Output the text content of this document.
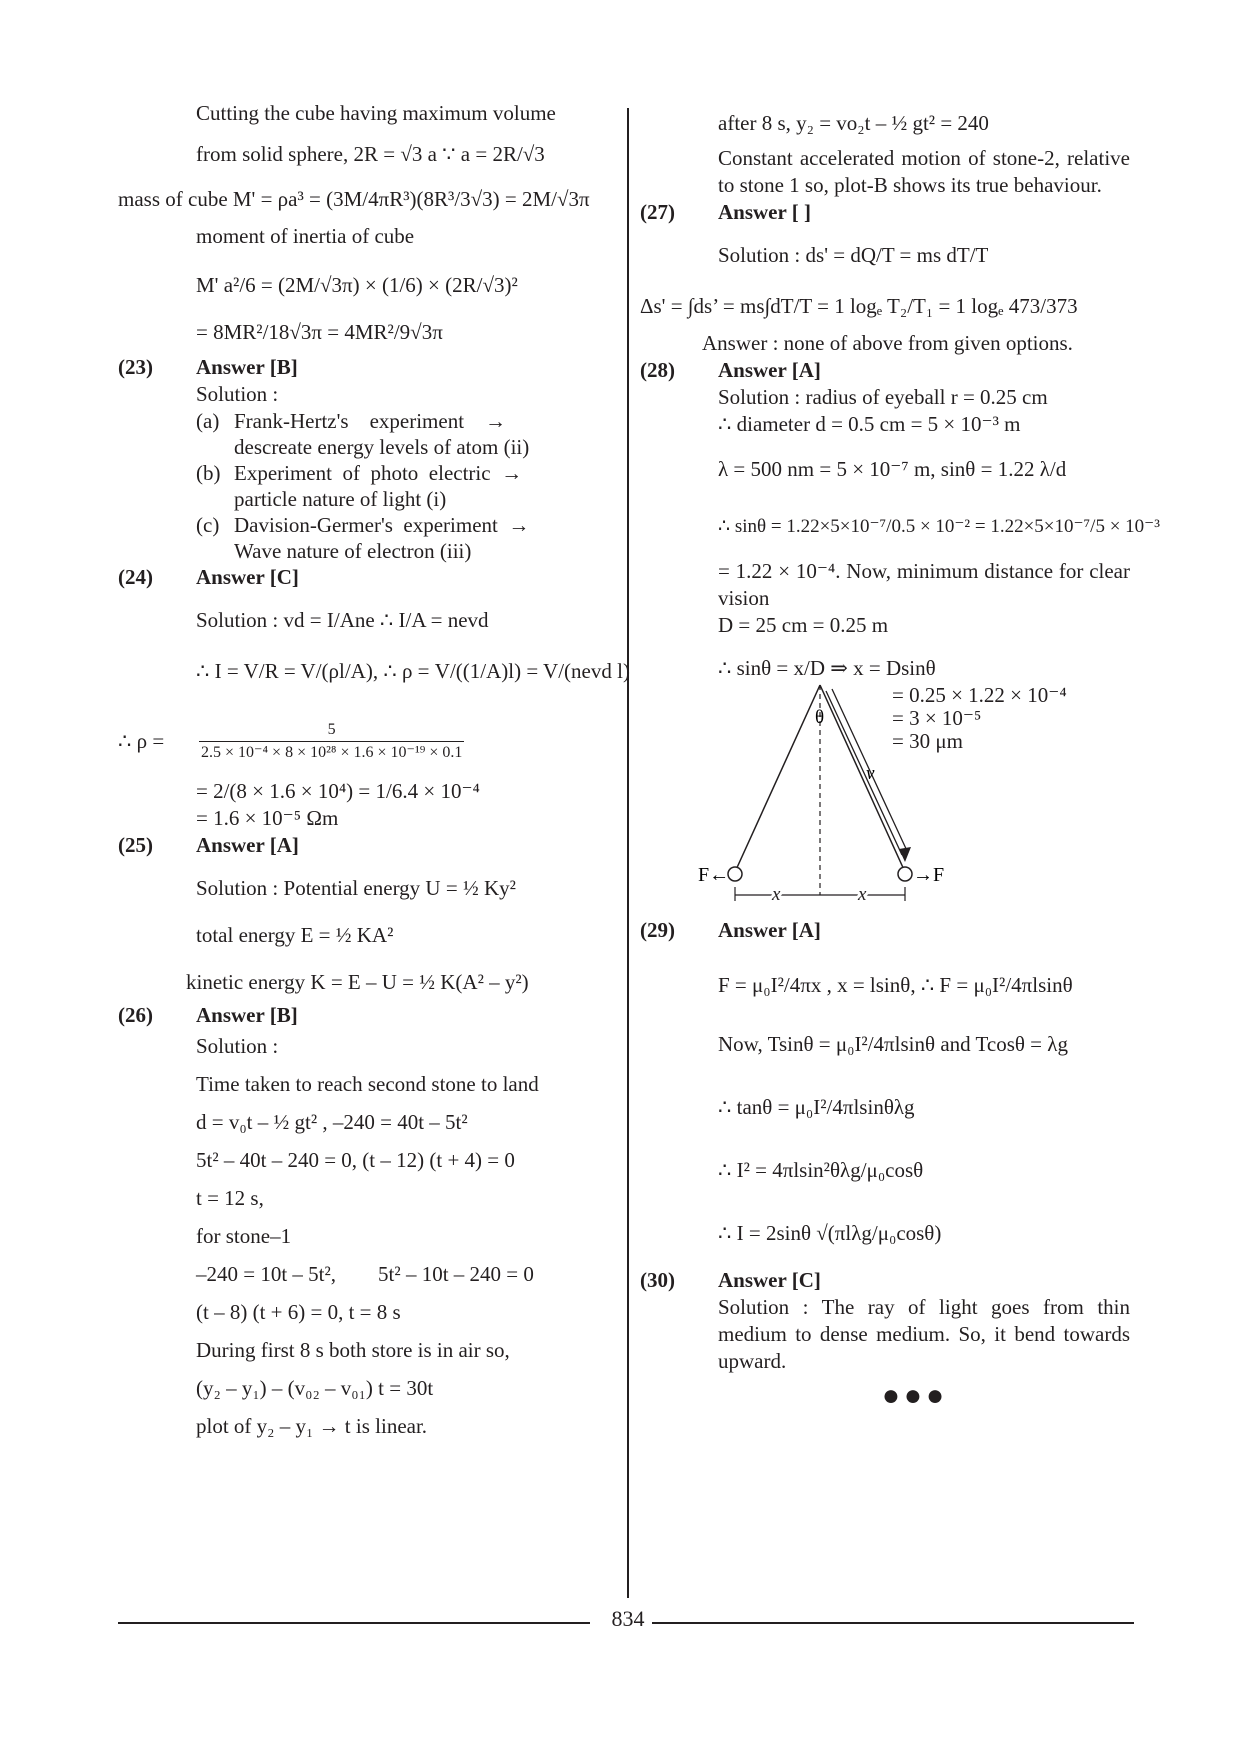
Cutting the cube having maximum volume
from solid sphere, 2R = √3 a ∵ a = 2R/√3
mass of cube M' = ρa³ = (3M/4πR³)(8R³/3√3) = 2M/√3π
moment of inertia of cube
M' a²/6 = (2M/√3π) × (1/6) × (2R/√3)²
= 8MR²/18√3π = 4MR²/9√3π
(23)	Answer [B]
Solution :
(a) Frank-Hertz's    experiment    →
descreate energy levels of atom (ii)
(b) Experiment  of  photo  electric  →
particle nature of light (i)
(c) Davision-Germer's  experiment  →
Wave nature of electron (iii)
(24)	Answer [C]
Solution : vd = I/Ane ∴ I/A = nevd
∴ I = V/R = V/(ρl/A), ∴ ρ = V/((1/A)l) = V/(nevd l)
∴ ρ =	$\frac{5}{\text{2.5 × 10⁻⁴ × 8 × 10²⁸ × 1.6 × 10⁻¹⁹ × 0.1}}$
= 2/(8 × 1.6 × 10⁴) = 1/6.4 × 10⁻⁴
= 1.6 × 10⁻⁵ Ωm
(25)	Answer [A]
Solution : Potential energy U = ½ Ky²
total energy E = ½ KA²
kinetic energy K = E – U = ½ K(A² – y²)
(26)	Answer [B]
Solution :
Time taken to reach second stone to land
d = v₀t – ½ gt² , –240 = 40t – 5t²
5t² – 40t – 240 = 0, (t – 12) (t + 4) = 0
t = 12 s,
for stone–1
–240 = 10t – 5t²,        5t² – 10t – 240 = 0
(t – 8) (t + 6) = 0, t = 8 s
During first 8 s both store is in air so,
(y₂ – y₁) – (v₀₂ – v₀₁) t = 30t
plot of y₂ – y₁ → t is linear.
after 8 s, y₂ = vo₂t – ½ gt² = 240
Constant accelerated motion of stone-2, relative to stone 1 so, plot-B shows its true behaviour.
(27)	Answer [ ]
Solution : ds' = dQ/T = ms dT/T
Δs' = ∫ds’ = ms∫dT/T = 1 logₑ T₂/T₁ = 1 logₑ 473/373
Answer : none of above from given options.
(28)	Answer [A]
Solution : radius of eyeball r = 0.25 cm
∴ diameter d = 0.5 cm = 5 × 10⁻³ m
λ = 500 nm = 5 × 10⁻⁷ m, sinθ = 1.22 λ/d
∴ sinθ = 1.22×5×10⁻⁷/0.5 × 10⁻² = 1.22×5×10⁻⁷/5 × 10⁻³
= 1.22 × 10⁻⁴. Now, minimum distance for clear vision
D = 25 cm = 0.25 m
∴ sinθ = x/D ⇒ x = Dsinθ
= 0.25 × 1.22 × 10⁻⁴
= 3 × 10⁻⁵
= 30 μm
θ
v
F←	→F
x	x
(29)	Answer [A]
F = μ₀I²/4πx , x = lsinθ, ∴ F = μ₀I²/4πlsinθ
Now, Tsinθ = μ₀I²/4πlsinθ and Tcosθ = λg
∴ tanθ = μ₀I²/4πlsinθλg
∴ I² = 4πlsin²θλg/μ₀cosθ
∴ I = 2sinθ √(πlλg/μ₀cosθ)
(30)	Answer [C]
Solution : The ray of light goes from thin medium to dense medium. So, it bend towards upward.
●●●
834
